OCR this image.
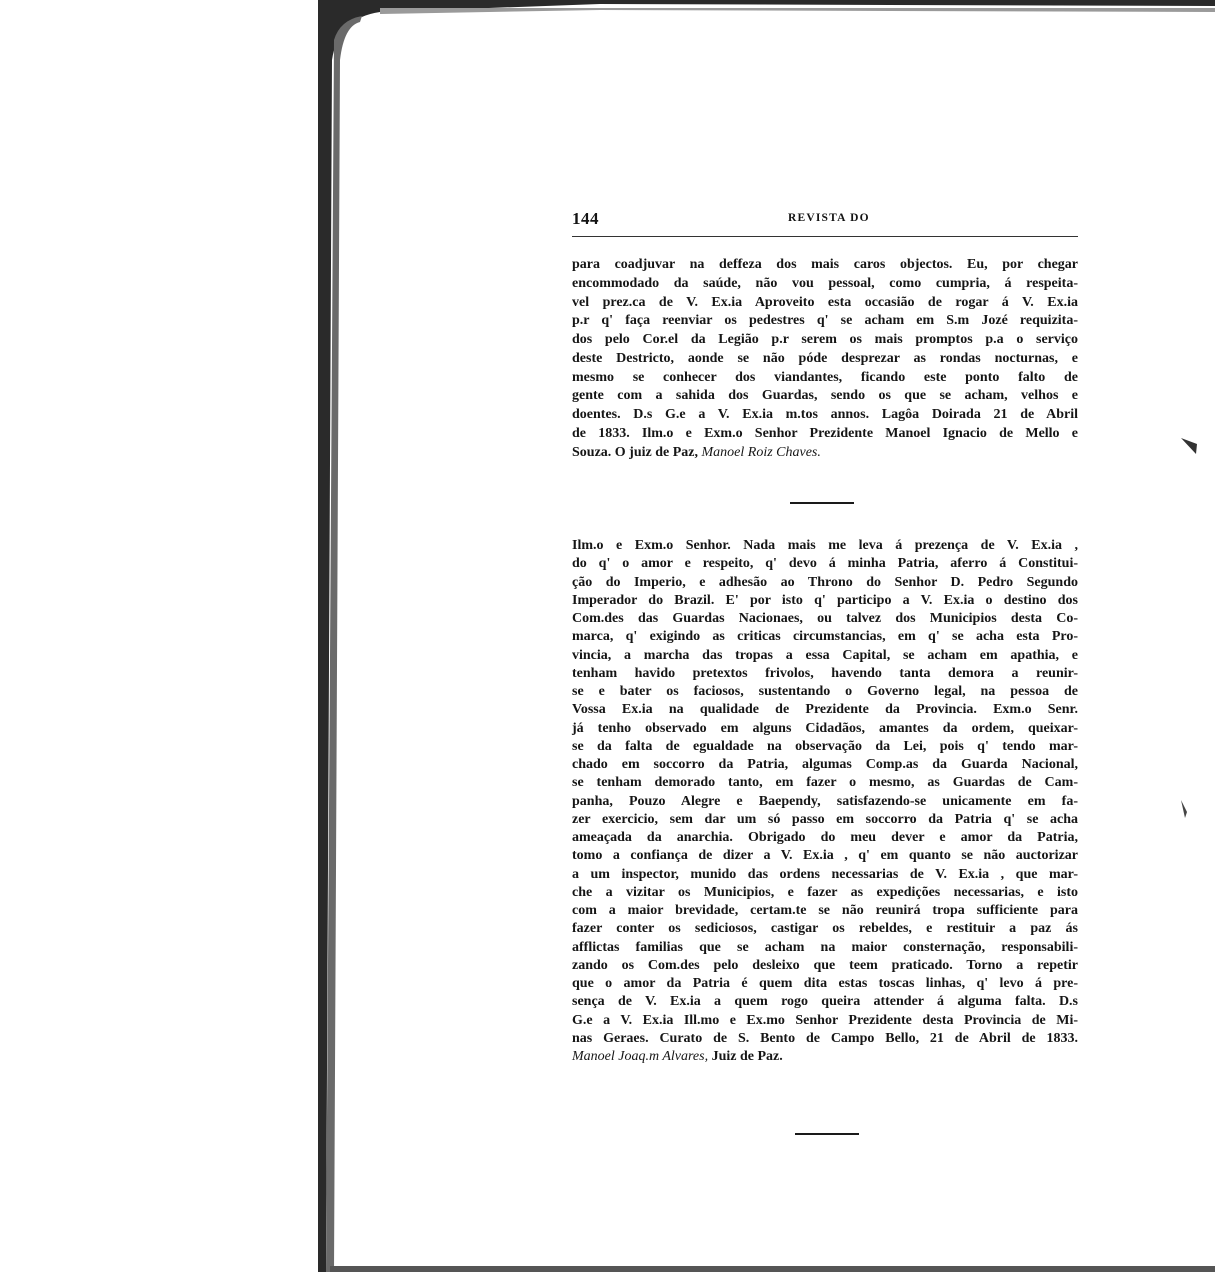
144	REVISTA DO
para coadjuvar na deffeza dos mais caros objectos. Eu, por chegar
encommodado da saúde, não vou pessoal, como cumpria, á respeita-
vel prez.ca de V. Ex.ia Aproveito esta occasião de rogar á V. Ex.ia
p.r q' faça reenviar os pedestres q' se acham em S.m Jozé requizita-
dos pelo Cor.el da Legião p.r serem os mais promptos p.a o serviço
deste Destricto, aonde se não póde desprezar as rondas nocturnas, e
mesmo se conhecer dos viandantes, ficando este ponto falto de
gente com a sahida dos Guardas, sendo os que se acham, velhos e
doentes. D.s G.e a V. Ex.ia m.tos annos. Lagôa Doirada 21 de Abril
de 1833. Ilm.o e Exm.o Senhor Prezidente Manoel Ignacio de Mello e
Souza. O juiz de Paz, Manoel Roiz Chaves.
Ilm.o e Exm.o Senhor. Nada mais me leva á prezença de V. Ex.ia ,
do q' o amor e respeito, q' devo á minha Patria, aferro á Constitui-
ção do Imperio, e adhesão ao Throno do Senhor D. Pedro Segundo
Imperador do Brazil. E' por isto q' participo a V. Ex.ia o destino dos
Com.des das Guardas Nacionaes, ou talvez dos Municipios desta Co-
marca, q' exigindo as criticas circumstancias, em q' se acha esta Pro-
vincia, a marcha das tropas a essa Capital, se acham em apathia, e
tenham havido pretextos frivolos, havendo tanta demora a reunir-
se e bater os faciosos, sustentando o Governo legal, na pessoa de
Vossa Ex.ia na qualidade de Prezidente da Provincia. Exm.o Senr.
já tenho observado em alguns Cidadãos, amantes da ordem, queixar-
se da falta de egualdade na observação da Lei, pois q' tendo mar-
chado em soccorro da Patria, algumas Comp.as da Guarda Nacional,
se tenham demorado tanto, em fazer o mesmo, as Guardas de Cam-
panha, Pouzo Alegre e Baependy, satisfazendo-se unicamente em fa-
zer exercicio, sem dar um só passo em soccorro da Patria q' se acha
ameaçada da anarchia. Obrigado do meu dever e amor da Patria,
tomo a confiança de dizer a V. Ex.ia , q' em quanto se não auctorizar
a um inspector, munido das ordens necessarias de V. Ex.ia , que mar-
che a vizitar os Municipios, e fazer as expedições necessarias, e isto
com a maior brevidade, certam.te se não reunirá tropa sufficiente para
fazer conter os sediciosos, castigar os rebeldes, e restituir a paz ás
afflictas familias que se acham na maior consternação, responsabili-
zando os Com.des pelo desleixo que teem praticado. Torno a repetir
que o amor da Patria é quem dita estas toscas linhas, q' levo á pre-
sença de V. Ex.ia a quem rogo queira attender á alguma falta. D.s
G.e a V. Ex.ia Ill.mo e Ex.mo Senhor Prezidente desta Provincia de Mi-
nas Geraes. Curato de S. Bento de Campo Bello, 21 de Abril de 1833.
Manoel Joaq.m Alvares, Juiz de Paz.
